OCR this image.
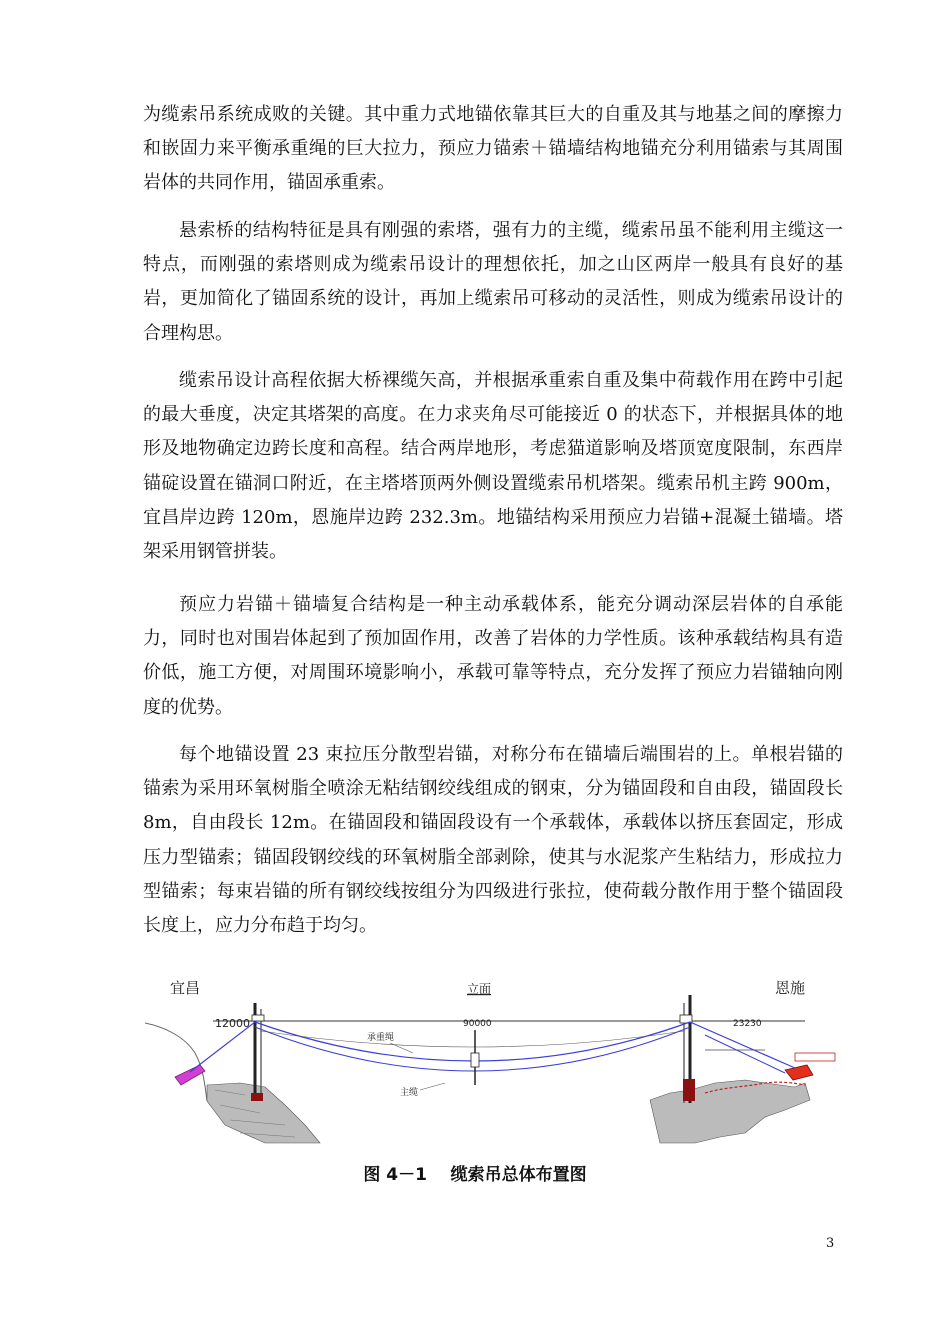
为缆索吊系统成败的关键。其中重力式地锚依靠其巨大的自重及其与地基之间的摩擦力和嵌固力来平衡承重绳的巨大拉力，预应力锚索＋锚墙结构地锚充分利用锚索与其周围岩体的共同作用，锚固承重索。

悬索桥的结构特征是具有刚强的索塔，强有力的主缆，缆索吊虽不能利用主缆这一特点，而刚强的索塔则成为缆索吊设计的理想依托，加之山区两岸一般具有良好的基岩，更加简化了锚固系统的设计，再加上缆索吊可移动的灵活性，则成为缆索吊设计的合理构思。

缆索吊设计高程依据大桥裸缆矢高，并根据承重索自重及集中荷载作用在跨中引起的最大垂度，决定其塔架的高度。在力求夹角尽可能接近 0 的状态下，并根据具体的地形及地物确定边跨长度和高程。结合两岸地形，考虑猫道影响及塔顶宽度限制，东西岸锚碇设置在锚洞口附近，在主塔塔顶两外侧设置缆索吊机塔架。缆索吊机主跨 900m，宜昌岸边跨 120m，恩施岸边跨 232.3m。地锚结构采用预应力岩锚+混凝土锚墙。塔架采用钢管拼装。

预应力岩锚＋锚墙复合结构是一种主动承载体系，能充分调动深层岩体的自承能力，同时也对围岩体起到了预加固作用，改善了岩体的力学性质。该种承载结构具有造价低，施工方便，对周围环境影响小，承载可靠等特点，充分发挥了预应力岩锚轴向刚度的优势。

每个地锚设置 23 束拉压分散型岩锚，对称分布在锚墙后端围岩的上。单根岩锚的锚索为采用环氧树脂全喷涂无粘结钢绞线组成的钢束，分为锚固段和自由段，锚固段长 8m，自由段长 12m。在锚固段和锚固段设有一个承载体，承载体以挤压套固定，形成压力型锚索；锚固段钢绞线的环氧树脂全部剥除，使其与水泥浆产生粘结力，形成拉力型锚索；每束岩锚的所有钢绞线按组分为四级进行张拉，使荷载分散作用于整个锚固段长度上，应力分布趋于均匀。

宜昌	立面	恩施
12000	90000	23230
承重绳
主缆
图 4－1 缆索吊总体布置图
3
